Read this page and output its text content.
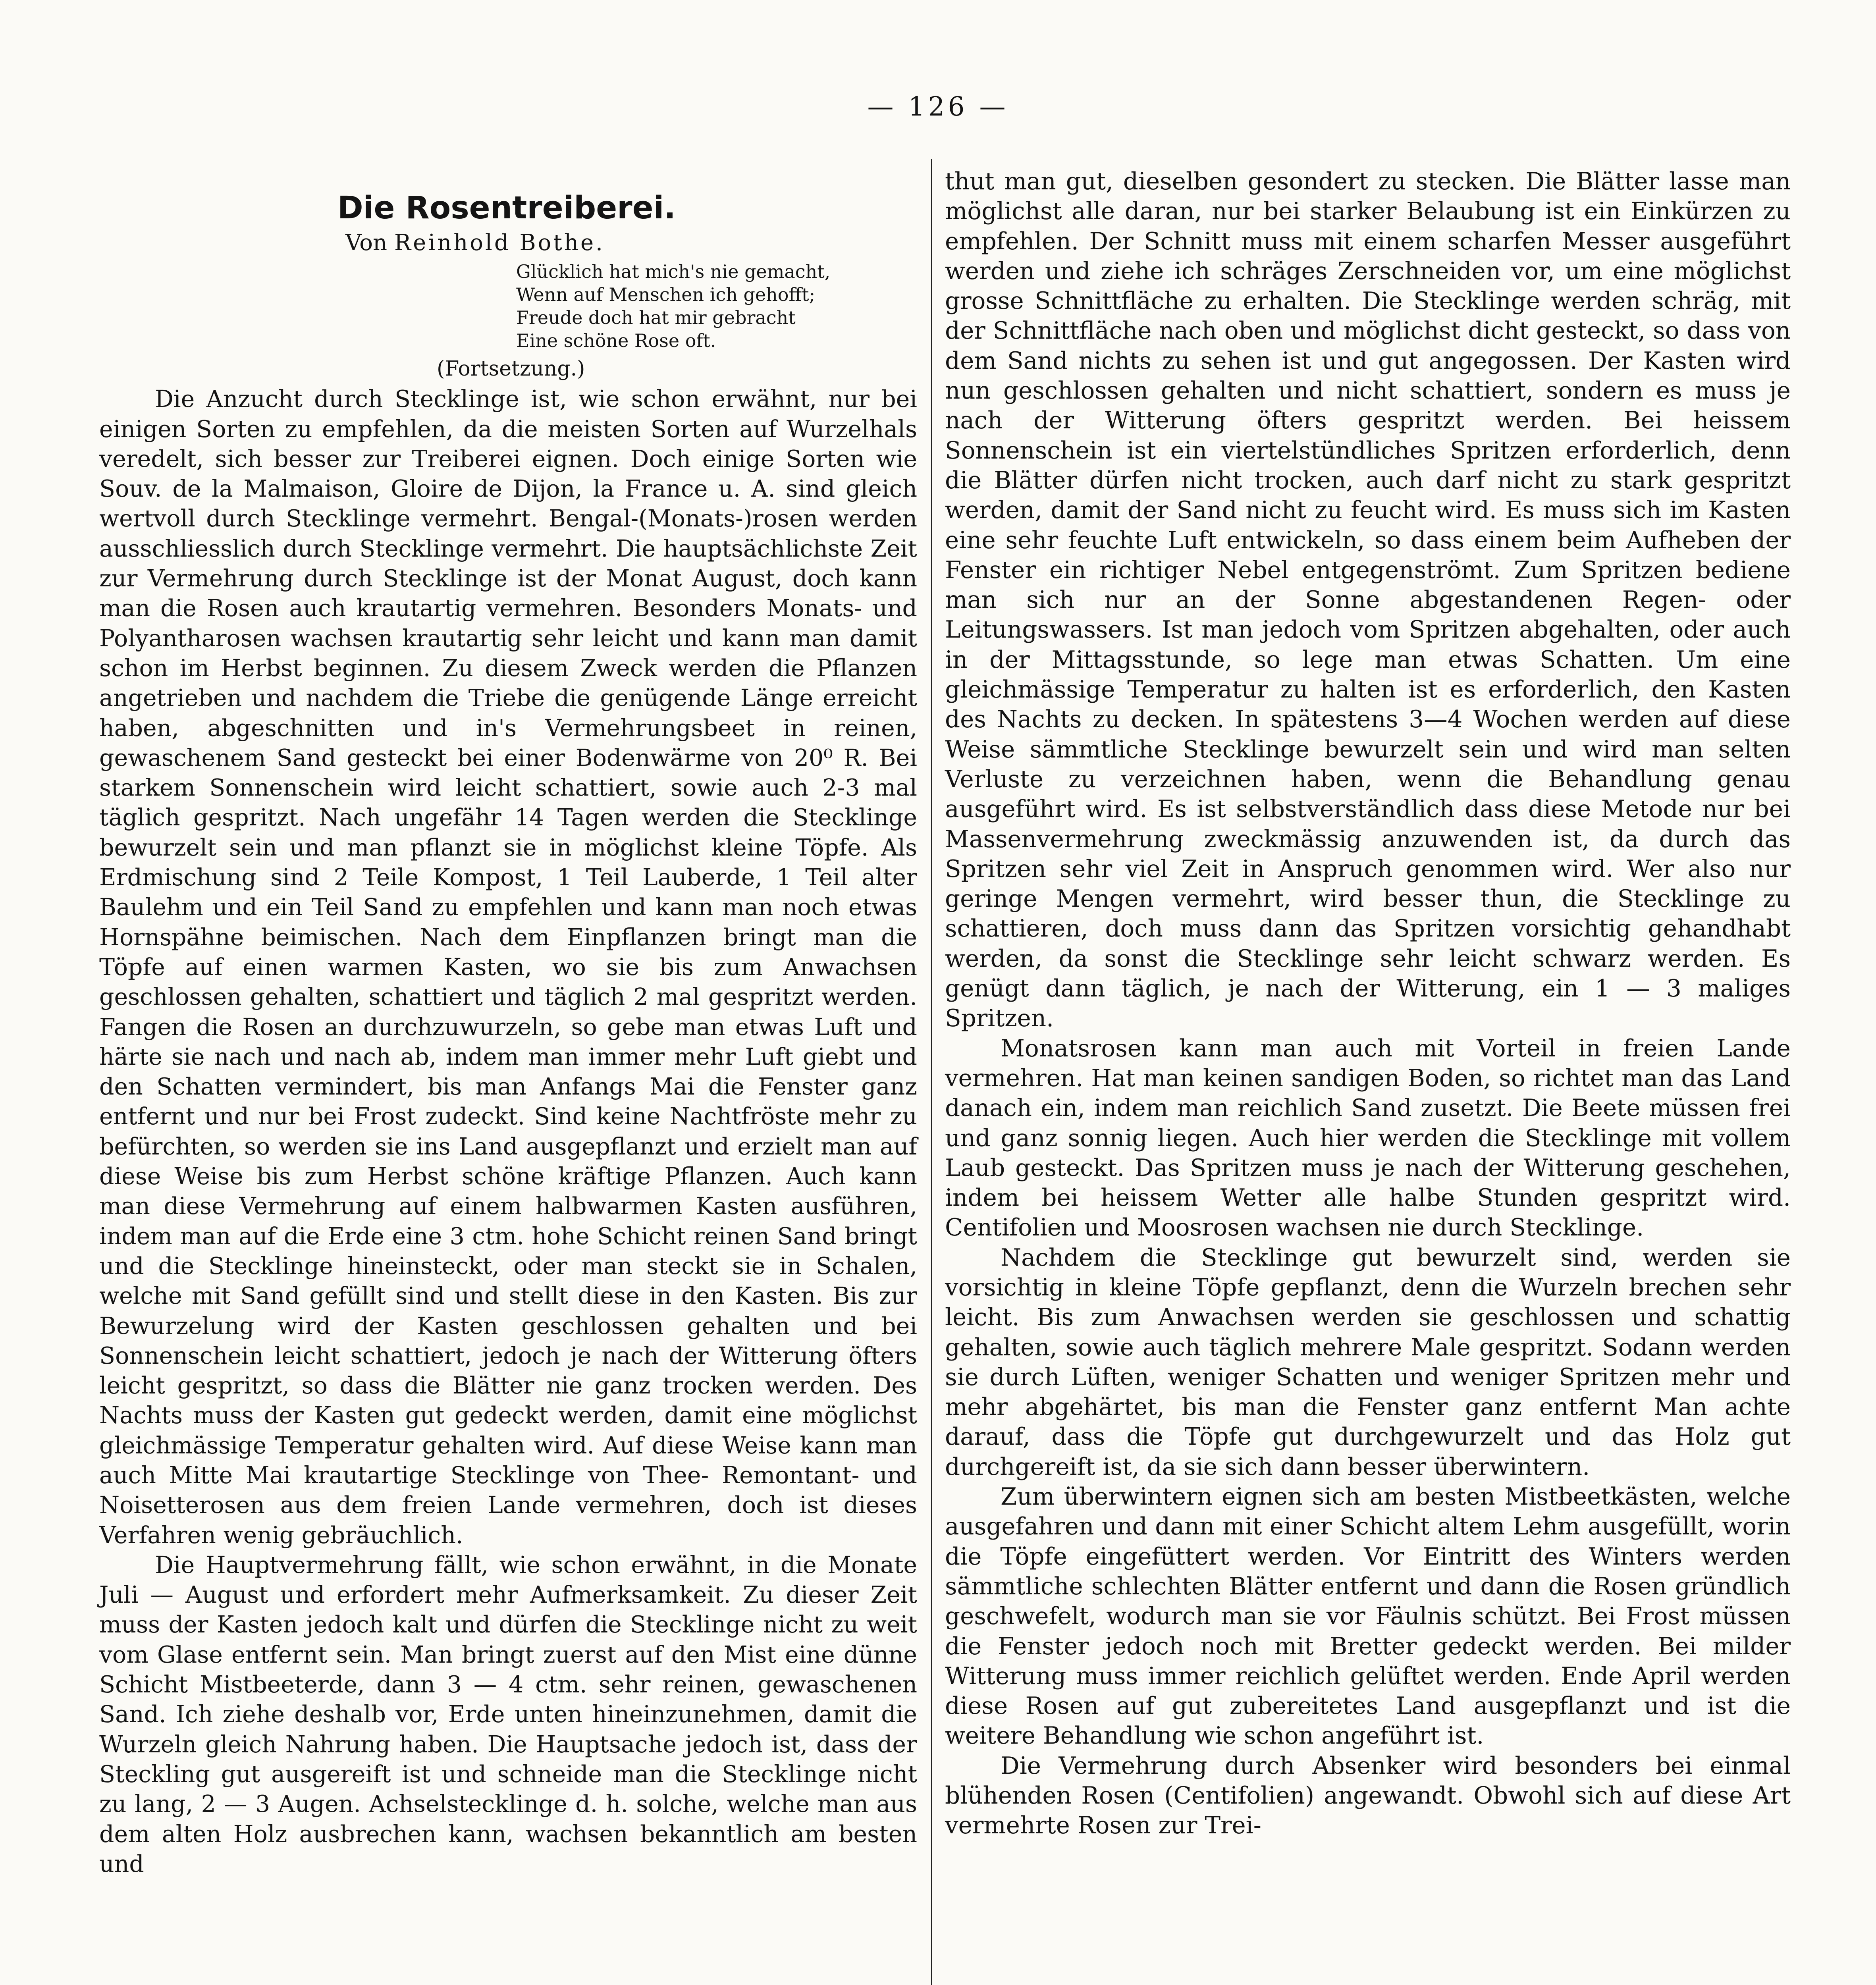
— 126 —
Die Rosentreiberei.
Von Reinhold Bothe.
Glücklich hat mich's nie gemacht,
Wenn auf Menschen ich gehofft;
Freude doch hat mir gebracht
Eine schöne Rose oft.
(Fortsetzung.)

Die Anzucht durch Stecklinge ist, wie schon erwähnt, nur bei einigen Sorten zu empfehlen, da die meisten Sorten auf Wurzelhals veredelt, sich besser zur Treiberei eignen. Doch einige Sorten wie Souv. de la Malmaison, Gloire de Dijon, la France u. A. sind gleich wertvoll durch Stecklinge vermehrt. Bengal-(Monats-)rosen werden ausschliesslich durch Stecklinge vermehrt. Die hauptsächlichste Zeit zur Vermehrung durch Stecklinge ist der Monat August, doch kann man die Rosen auch krautartig vermehren. Besonders Monats- und Polyantharosen wachsen krautartig sehr leicht und kann man damit schon im Herbst beginnen. Zu diesem Zweck werden die Pflanzen angetrieben und nachdem die Triebe die genügende Länge erreicht haben, abgeschnitten und in's Vermehrungsbeet in reinen, gewaschenem Sand gesteckt bei einer Bodenwärme von 20⁰ R. Bei starkem Sonnenschein wird leicht schattiert, sowie auch 2-3 mal täglich gespritzt. Nach ungefähr 14 Tagen werden die Stecklinge bewurzelt sein und man pflanzt sie in möglichst kleine Töpfe. Als Erdmischung sind 2 Teile Kompost, 1 Teil Lauberde, 1 Teil alter Baulehm und ein Teil Sand zu empfehlen und kann man noch etwas Hornspähne beimischen. Nach dem Einpflanzen bringt man die Töpfe auf einen warmen Kasten, wo sie bis zum Anwachsen geschlossen gehalten, schattiert und täglich 2 mal gespritzt werden. Fangen die Rosen an durchzuwurzeln, so gebe man etwas Luft und härte sie nach und nach ab, indem man immer mehr Luft giebt und den Schatten vermindert, bis man Anfangs Mai die Fenster ganz entfernt und nur bei Frost zudeckt. Sind keine Nachtfröste mehr zu befürchten, so werden sie ins Land ausgepflanzt und erzielt man auf diese Weise bis zum Herbst schöne kräftige Pflanzen. Auch kann man diese Vermehrung auf einem halbwarmen Kasten ausführen, indem man auf die Erde eine 3 ctm. hohe Schicht reinen Sand bringt und die Stecklinge hineinsteckt, oder man steckt sie in Schalen, welche mit Sand gefüllt sind und stellt diese in den Kasten. Bis zur Bewurzelung wird der Kasten geschlossen gehalten und bei Sonnenschein leicht schattiert, jedoch je nach der Witterung öfters leicht gespritzt, so dass die Blätter nie ganz trocken werden. Des Nachts muss der Kasten gut gedeckt werden, damit eine möglichst gleichmässige Temperatur gehalten wird. Auf diese Weise kann man auch Mitte Mai krautartige Stecklinge von Thee- Remontant- und Noisetterosen aus dem freien Lande vermehren, doch ist dieses Verfahren wenig gebräuchlich.

Die Hauptvermehrung fällt, wie schon erwähnt, in die Monate Juli — August und erfordert mehr Aufmerksamkeit. Zu dieser Zeit muss der Kasten jedoch kalt und dürfen die Stecklinge nicht zu weit vom Glase entfernt sein. Man bringt zuerst auf den Mist eine dünne Schicht Mistbeeterde, dann 3 — 4 ctm. sehr reinen, gewaschenen Sand. Ich ziehe deshalb vor, Erde unten hineinzunehmen, damit die Wurzeln gleich Nahrung haben. Die Hauptsache jedoch ist, dass der Steckling gut ausgereift ist und schneide man die Stecklinge nicht zu lang, 2 — 3 Augen. Achselstecklinge d. h. solche, welche man aus dem alten Holz ausbrechen kann, wachsen bekanntlich am besten und

thut man gut, dieselben gesondert zu stecken. Die Blätter lasse man möglichst alle daran, nur bei starker Belaubung ist ein Einkürzen zu empfehlen. Der Schnitt muss mit einem scharfen Messer ausgeführt werden und ziehe ich schräges Zerschneiden vor, um eine möglichst grosse Schnittfläche zu erhalten. Die Stecklinge werden schräg, mit der Schnittfläche nach oben und möglichst dicht gesteckt, so dass von dem Sand nichts zu sehen ist und gut angegossen. Der Kasten wird nun geschlossen gehalten und nicht schattiert, sondern es muss je nach der Witterung öfters gespritzt werden. Bei heissem Sonnenschein ist ein viertelstündliches Spritzen erforderlich, denn die Blätter dürfen nicht trocken, auch darf nicht zu stark gespritzt werden, damit der Sand nicht zu feucht wird. Es muss sich im Kasten eine sehr feuchte Luft entwickeln, so dass einem beim Aufheben der Fenster ein richtiger Nebel entgegenströmt. Zum Spritzen bediene man sich nur an der Sonne abgestandenen Regen- oder Leitungswassers. Ist man jedoch vom Spritzen abgehalten, oder auch in der Mittagsstunde, so lege man etwas Schatten. Um eine gleichmässige Temperatur zu halten ist es erforderlich, den Kasten des Nachts zu decken. In spätestens 3—4 Wochen werden auf diese Weise sämmtliche Stecklinge bewurzelt sein und wird man selten Verluste zu verzeichnen haben, wenn die Behandlung genau ausgeführt wird. Es ist selbstverständlich dass diese Metode nur bei Massenvermehrung zweckmässig anzuwenden ist, da durch das Spritzen sehr viel Zeit in Anspruch genommen wird. Wer also nur geringe Mengen vermehrt, wird besser thun, die Stecklinge zu schattieren, doch muss dann das Spritzen vorsichtig gehandhabt werden, da sonst die Stecklinge sehr leicht schwarz werden. Es genügt dann täglich, je nach der Witterung, ein 1 — 3 maliges Spritzen.

Monatsrosen kann man auch mit Vorteil in freien Lande vermehren. Hat man keinen sandigen Boden, so richtet man das Land danach ein, indem man reichlich Sand zusetzt. Die Beete müssen frei und ganz sonnig liegen. Auch hier werden die Stecklinge mit vollem Laub gesteckt. Das Spritzen muss je nach der Witterung geschehen, indem bei heissem Wetter alle halbe Stunden gespritzt wird. Centifolien und Moosrosen wachsen nie durch Stecklinge.

Nachdem die Stecklinge gut bewurzelt sind, werden sie vorsichtig in kleine Töpfe gepflanzt, denn die Wurzeln brechen sehr leicht. Bis zum Anwachsen werden sie geschlossen und schattig gehalten, sowie auch täglich mehrere Male gespritzt. Sodann werden sie durch Lüften, weniger Schatten und weniger Spritzen mehr und mehr abgehärtet, bis man die Fenster ganz entfernt Man achte darauf, dass die Töpfe gut durchgewurzelt und das Holz gut durchgereift ist, da sie sich dann besser überwintern.

Zum überwintern eignen sich am besten Mistbeetkästen, welche ausgefahren und dann mit einer Schicht altem Lehm ausgefüllt, worin die Töpfe eingefüttert werden. Vor Eintritt des Winters werden sämmtliche schlechten Blätter entfernt und dann die Rosen gründlich geschwefelt, wodurch man sie vor Fäulnis schützt. Bei Frost müssen die Fenster jedoch noch mit Bretter gedeckt werden. Bei milder Witterung muss immer reichlich gelüftet werden. Ende April werden diese Rosen auf gut zubereitetes Land ausgepflanzt und ist die weitere Behandlung wie schon angeführt ist.

Die Vermehrung durch Absenker wird besonders bei einmal blühenden Rosen (Centifolien) angewandt. Obwohl sich auf diese Art vermehrte Rosen zur Trei-
